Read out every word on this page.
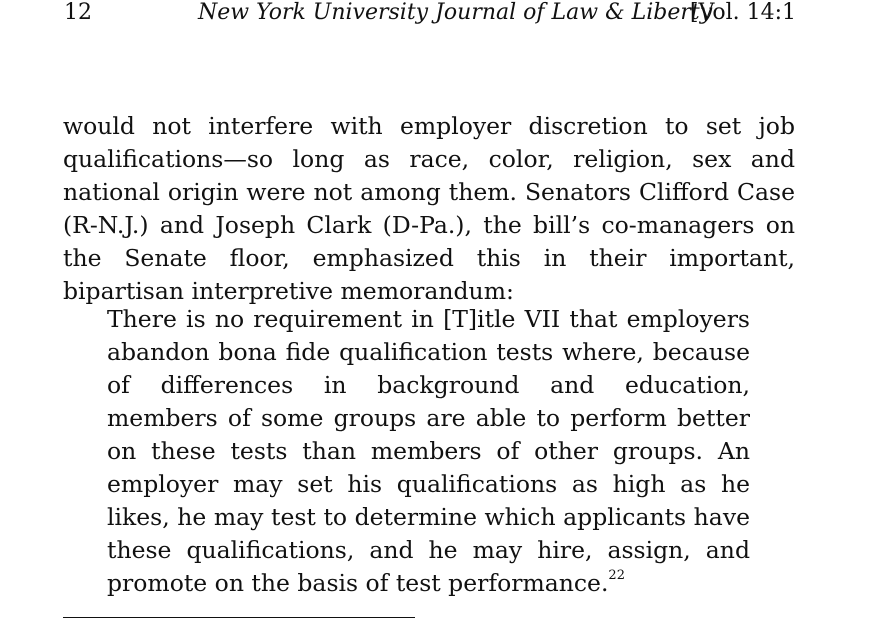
12	New York University Journal of Law & Liberty
[Vol. 14:1
would not interfere with employer discretion to set job qualifications—so long as race, color, religion, sex and national origin were not among them. Senators Clifford Case (R-N.J.) and Joseph Clark (D-Pa.), the bill’s co-managers on the Senate floor, emphasized this in their important, bipartisan interpretive memorandum:
There is no requirement in [T]itle VII that employers abandon bona fide qualification tests where, because of differences in background and education, members of some groups are able to perform better on these tests than members of other groups. An employer may set his qualifications as high as he likes, he may test to determine which applicants have these qualifications, and he may hire, assign, and promote on the basis of test performance.$^{22}$
